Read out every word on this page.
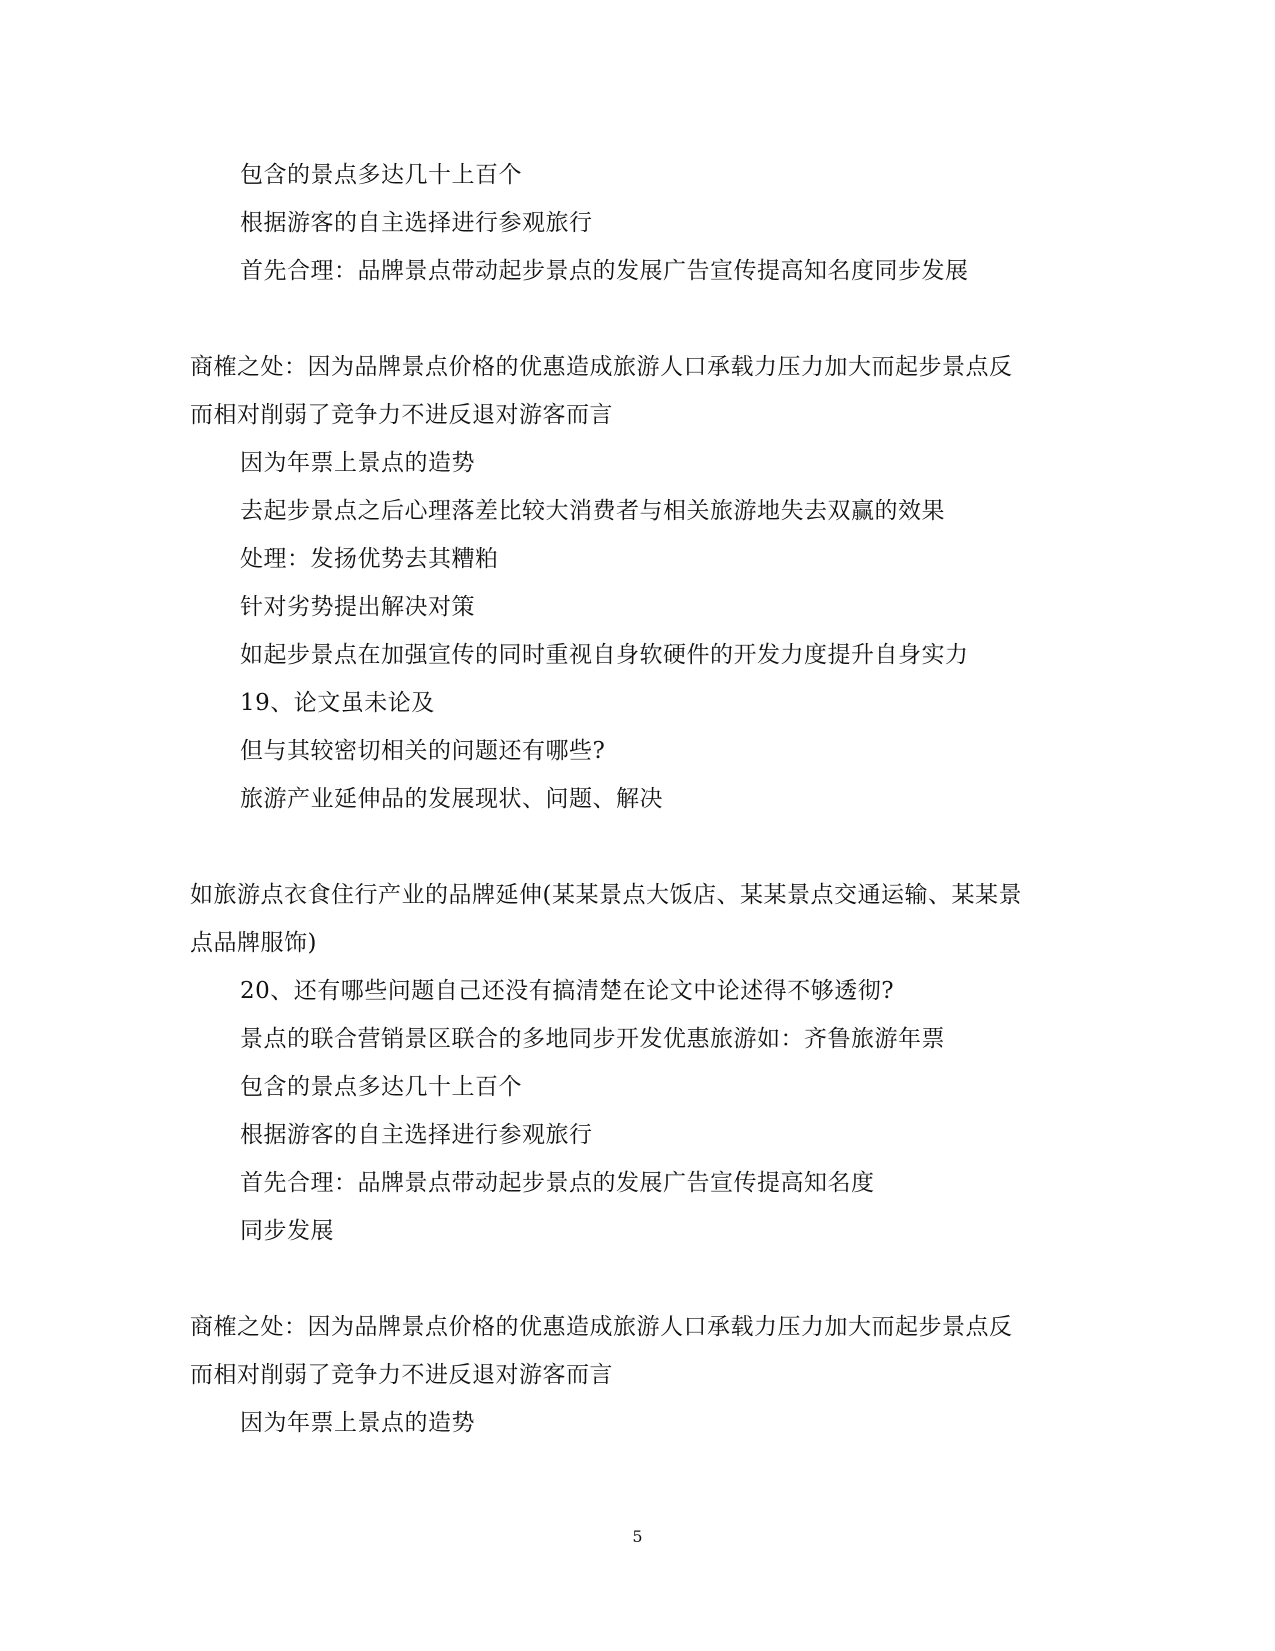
包含的景点多达几十上百个
根据游客的自主选择进行参观旅行
首先合理：品牌景点带动起步景点的发展广告宣传提高知名度同步发展
商榷之处：因为品牌景点价格的优惠造成旅游人口承载力压力加大而起步景点反
而相对削弱了竞争力不进反退对游客而言
因为年票上景点的造势
去起步景点之后心理落差比较大消费者与相关旅游地失去双赢的效果
处理：发扬优势去其糟粕
针对劣势提出解决对策
如起步景点在加强宣传的同时重视自身软硬件的开发力度提升自身实力
19、论文虽未论及
但与其较密切相关的问题还有哪些?
旅游产业延伸品的发展现状、问题、解决
如旅游点衣食住行产业的品牌延伸(某某景点大饭店、某某景点交通运输、某某景
点品牌服饰)
20、还有哪些问题自己还没有搞清楚在论文中论述得不够透彻?
景点的联合营销景区联合的多地同步开发优惠旅游如：齐鲁旅游年票
包含的景点多达几十上百个
根据游客的自主选择进行参观旅行
首先合理：品牌景点带动起步景点的发展广告宣传提高知名度
同步发展
商榷之处：因为品牌景点价格的优惠造成旅游人口承载力压力加大而起步景点反
而相对削弱了竞争力不进反退对游客而言
因为年票上景点的造势
5
